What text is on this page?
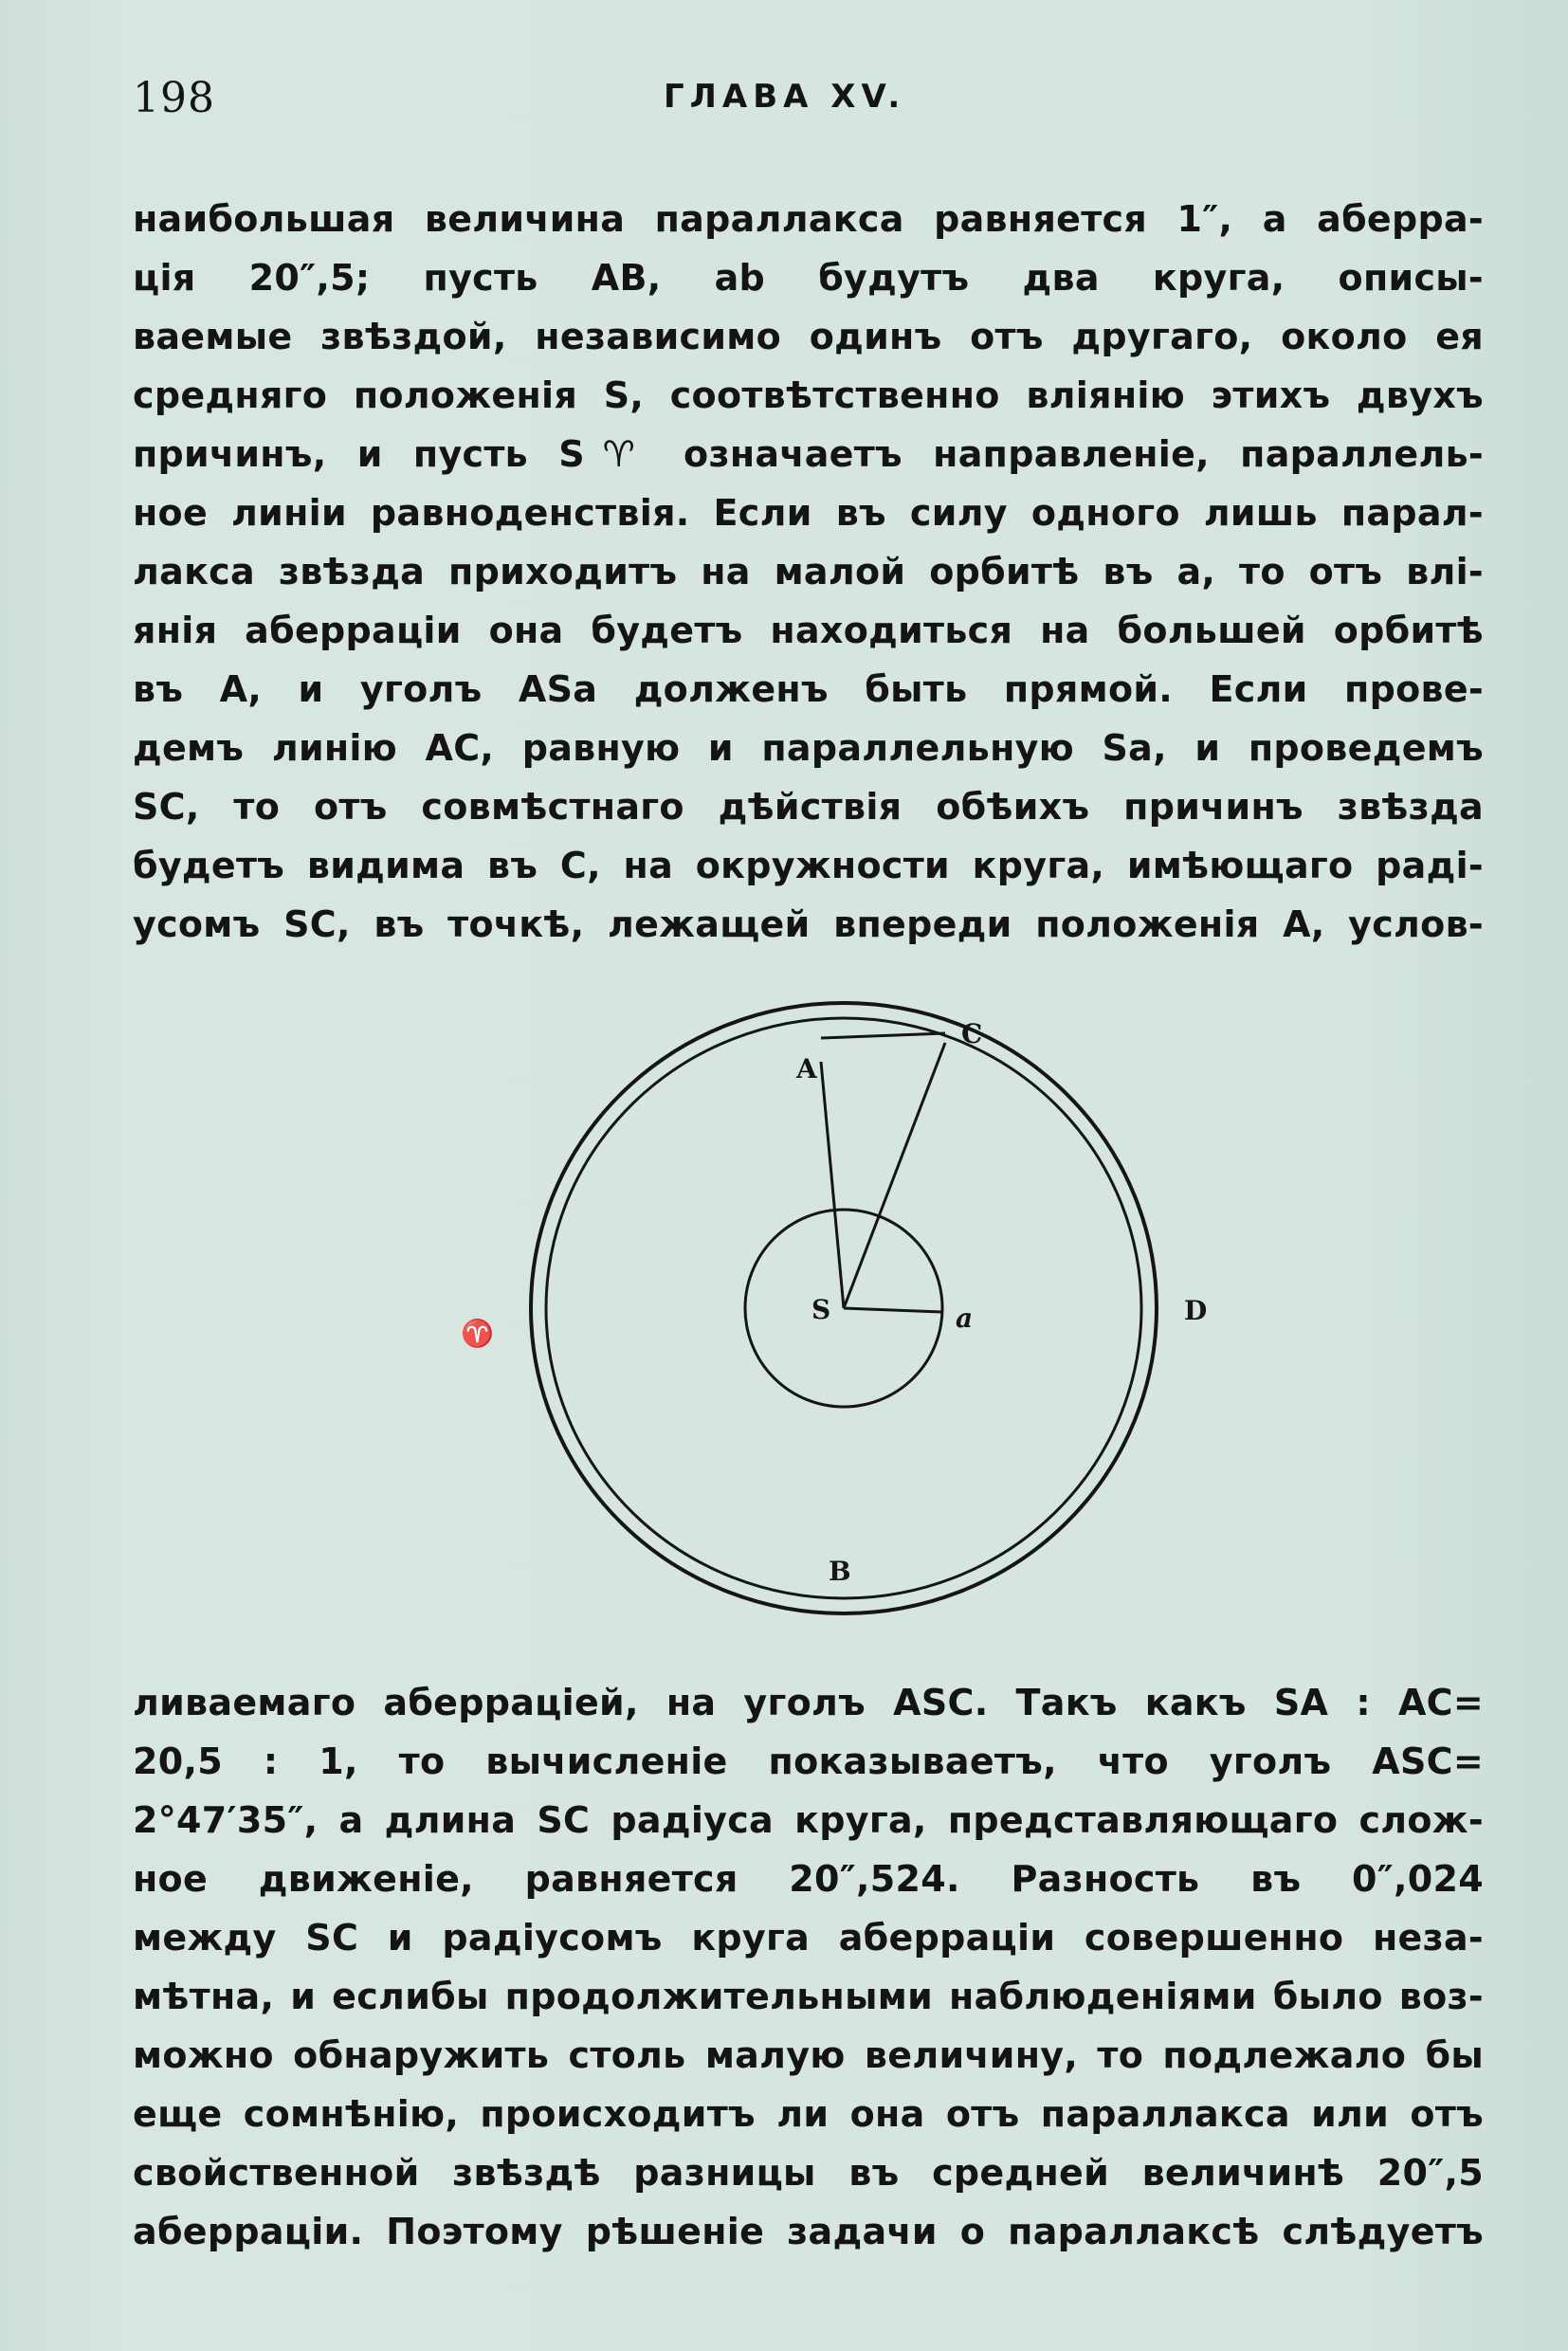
198	ГЛАВА XV.
наибольшая величина параллакса равняется 1″, а аберра-
ція 20″,5; пусть АВ, ab будутъ два круга, описы-
ваемые звѣздой, независимо одинъ отъ другаго, около ея
средняго положенія S, соотвѣтственно вліянію этихъ двухъ
причинъ, и пусть S♈ означаетъ направленіе, параллель-
ное линіи равноденствія. Если въ силу одного лишь парал-
лакса звѣзда приходитъ на малой орбитѣ въ a, то отъ влі-
янія аберраціи она будетъ находиться на большей орбитѣ
въ А, и уголъ ASa долженъ быть прямой. Если прове-
демъ линію АС, равную и параллельную Sa, и проведемъ
SC, то отъ совмѣстнаго дѣйствія обѣихъ причинъ звѣзда
будетъ видима въ С, на окружности круга, имѣющаго раді-
усомъ SC, въ точкѣ, лежащей впереди положенія А, услов-
A
C
S	a	D
B
♈
ливаемаго аберраціей, на уголъ ASC. Такъ какъ SA : AC=
20,5 : 1, то вычисленіе показываетъ, что уголъ ASC=
2°47′35″, а длина SC радіуса круга, представляющаго слож-
ное движеніе, равняется 20″,524. Разность въ 0″,024
между SC и радіусомъ круга аберраціи совершенно неза-
мѣтна, и еслибы продолжительными наблюденіями было воз-
можно обнаружить столь малую величину, то подлежало бы
еще сомнѣнію, происходитъ ли она отъ параллакса или отъ
свойственной звѣздѣ разницы въ средней величинѣ 20″,5
аберраціи. Поэтому рѣшеніе задачи о параллаксѣ слѣдуетъ
